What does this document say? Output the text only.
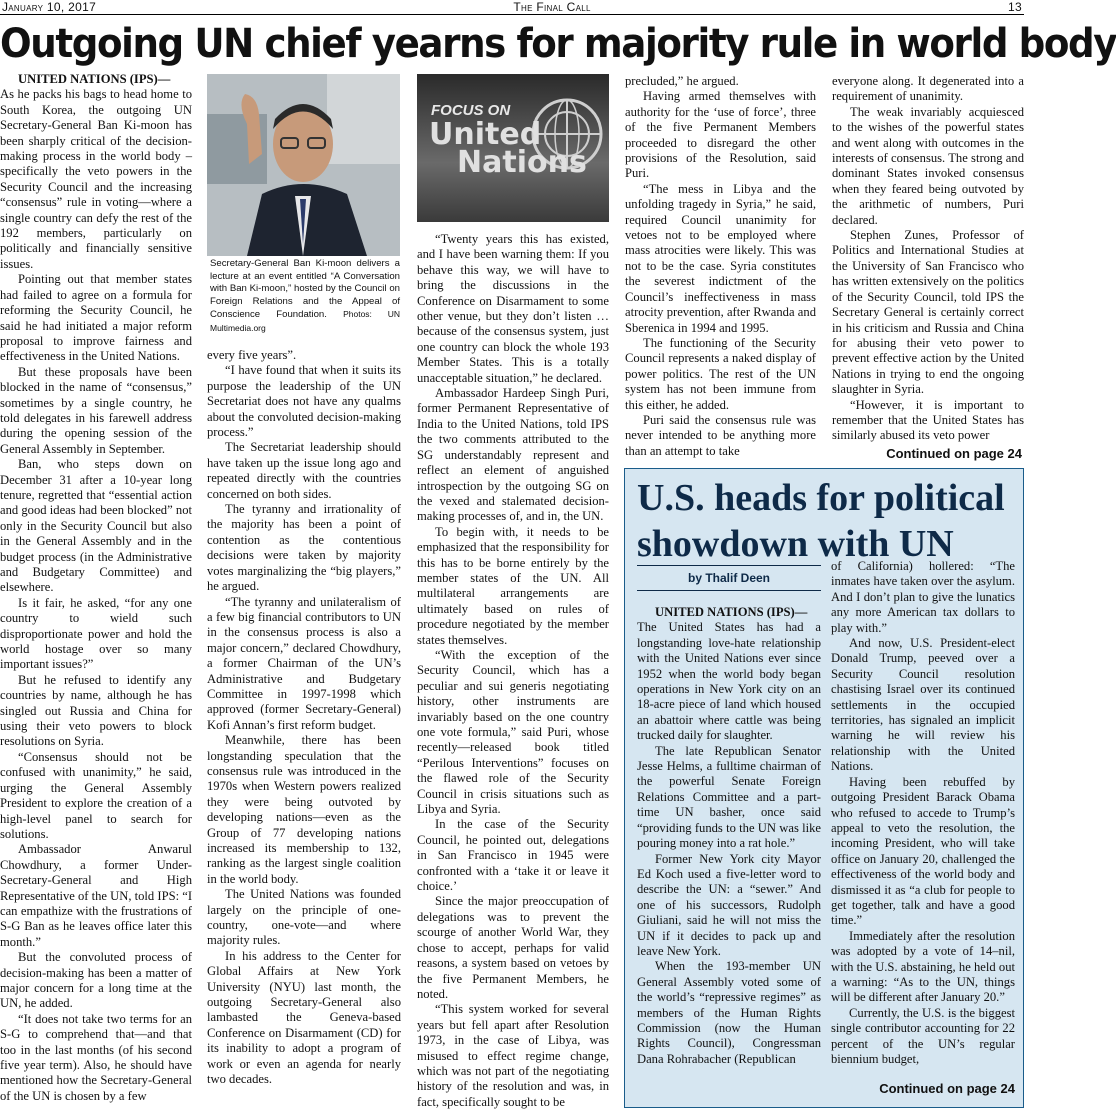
January 10, 2017	The Final Call	13
Outgoing UN chief yearns for majority rule in world body

UNITED NATIONS (IPS)—

As he packs his bags to head home to South Korea, the outgoing UN Secretary-General Ban Ki-moon has been sharply critical of the decision-making process in the world body – specifically the veto powers in the Security Council and the increasing “consensus” rule in voting—where a single country can defy the rest of the 192 members, particularly on politically and financially sensitive issues.

Pointing out that member states had failed to agree on a formula for reforming the Security Council, he said he had initiated a major reform proposal to improve fairness and effectiveness in the United Nations.

But these proposals have been blocked in the name of “consensus,” sometimes by a single country, he told delegates in his farewell address during the opening session of the General Assembly in September.

Ban, who steps down on December 31 after a 10-year long tenure, regretted that “essential action and good ideas had been blocked” not only in the Security Council but also in the General Assembly and in the budget process (in the Administrative and Budgetary Committee) and elsewhere.

Is it fair, he asked, “for any one country to wield such disproportionate power and hold the world hostage over so many important issues?”

But he refused to identify any countries by name, although he has singled out Russia and China for using their veto powers to block resolutions on Syria.

“Consensus should not be confused with unanimity,” he said, urging the General Assembly President to explore the creation of a high-level panel to search for solutions.

Ambassador Anwarul Chowdhury, a former Under-Secretary-General and High Representative of the UN, told IPS: “I can empathize with the frustrations of S-G Ban as he leaves office later this month.”

But the convoluted process of decision-making has been a matter of major concern for a long time at the UN, he added.

“It does not take two terms for an S-G to comprehend that—and that too in the last months (of his second five year term). Also, he should have mentioned how the Secretary-General of the UN is chosen by a few

Secretary-General Ban Ki-moon delivers a lecture at an event entitled “A Conversation with Ban Ki-moon,” hosted by the Council on Foreign Relations and the Appeal of Conscience Foundation. Photos: UN Multimedia.org

every five years”.

“I have found that when it suits its purpose the leadership of the UN Secretariat does not have any qualms about the convoluted decision-making process.”

The Secretariat leadership should have taken up the issue long ago and repeated directly with the countries concerned on both sides.

The tyranny and irrationality of the majority has been a point of contention as the contentious decisions were taken by majority votes marginalizing the “big players,” he argued.

“The tyranny and unilateralism of a few big financial contributors to UN in the consensus process is also a major concern,” declared Chowdhury, a former Chairman of the UN’s Administrative and Budgetary Committee in 1997-1998 which approved (former Secretary-General) Kofi Annan’s first reform budget.

Meanwhile, there has been longstanding speculation that the consensus rule was introduced in the 1970s when Western powers realized they were being outvoted by developing nations—even as the Group of 77 developing nations increased its membership to 132, ranking as the largest single coalition in the world body.

The United Nations was founded largely on the principle of one-country, one-vote—and where majority rules.

In his address to the Center for Global Affairs at New York University (NYU) last month, the outgoing Secretary-General also lambasted the Geneva-based Conference on Disarmament (CD) for its inability to adopt a program of work or even an agenda for nearly two decades.

FOCUS ON
United
Nations

“Twenty years this has existed, and I have been warning them: If you behave this way, we will have to bring the discussions in the Conference on Disarmament to some other venue, but they don’t listen … because of the consensus system, just one country can block the whole 193 Member States. This is a totally unacceptable situation,” he declared.

Ambassador Hardeep Singh Puri, former Permanent Representative of India to the United Nations, told IPS the two comments attributed to the SG understandably represent and reflect an element of anguished introspection by the outgoing SG on the vexed and stalemated decision-making processes of, and in, the UN.

To begin with, it needs to be emphasized that the responsibility for this has to be borne entirely by the member states of the UN. All multilateral arrangements are ultimately based on rules of procedure negotiated by the member states themselves.

“With the exception of the Security Council, which has a peculiar and sui generis negotiating history, other instruments are invariably based on the one country one vote formula,” said Puri, whose recently—released book titled “Perilous Interventions” focuses on the flawed role of the Security Council in crisis situations such as Libya and Syria.

In the case of the Security Council, he pointed out, delegations in San Francisco in 1945 were confronted with a ‘take it or leave it choice.’

Since the major preoccupation of delegations was to prevent the scourge of another World War, they chose to accept, perhaps for valid reasons, a system based on vetoes by the five Permanent Members, he noted.

“This system worked for several years but fell apart after Resolution 1973, in the case of Libya, was misused to effect regime change, which was not part of the negotiating history of the resolution and was, in fact, specifically sought to be

precluded,” he argued.

Having armed themselves with authority for the ‘use of force’, three of the five Permanent Members proceeded to disregard the other provisions of the Resolution, said Puri.

“The mess in Libya and the unfolding tragedy in Syria,” he said, required Council unanimity for vetoes not to be employed where mass atrocities were likely. This was not to be the case. Syria constitutes the severest indictment of the Council’s ineffectiveness in mass atrocity prevention, after Rwanda and Sberenica in 1994 and 1995.

The functioning of the Security Council represents a naked display of power politics. The rest of the UN system has not been immune from this either, he added.

Puri said the consensus rule was never intended to be anything more than an attempt to take

everyone along. It degenerated into a requirement of unanimity.

The weak invariably acquiesced to the wishes of the powerful states and went along with outcomes in the interests of consensus. The strong and dominant States invoked consensus when they feared being outvoted by the arithmetic of numbers, Puri declared.

Stephen Zunes, Professor of Politics and International Studies at the University of San Francisco who has written extensively on the politics of the Security Council, told IPS the Secretary General is certainly correct in his criticism and Russia and China for abusing their veto power to prevent effective action by the United Nations in trying to end the ongoing slaughter in Syria.

“However, it is important to remember that the United States has similarly abused its veto power

Continued on page 24
U.S. heads for political showdown with UN
by Thalif Deen

UNITED NATIONS (IPS)—

The United States has had a longstanding love-hate relationship with the United Nations ever since 1952 when the world body began operations in New York city on an 18-acre piece of land which housed an abattoir where cattle was being trucked daily for slaughter.

The late Republican Senator Jesse Helms, a fulltime chairman of the powerful Senate Foreign Relations Committee and a part-time UN basher, once said “providing funds to the UN was like pouring money into a rat hole.”

Former New York city Mayor Ed Koch used a five-letter word to describe the UN: a “sewer.” And one of his successors, Rudolph Giuliani, said he will not miss the UN if it decides to pack up and leave New York.

When the 193-member UN General Assembly voted some of the world’s “repressive regimes” as members of the Human Rights Commission (now the Human Rights Council), Congressman Dana Rohrabacher (Republican

of California) hollered: “The inmates have taken over the asylum. And I don’t plan to give the lunatics any more American tax dollars to play with.”

And now, U.S. President-elect Donald Trump, peeved over a Security Council resolution chastising Israel over its continued settlements in the occupied territories, has signaled an implicit warning he will review his relationship with the United Nations.

Having been rebuffed by outgoing President Barack Obama who refused to accede to Trump’s appeal to veto the resolution, the incoming President, who will take office on January 20, challenged the effectiveness of the world body and dismissed it as “a club for people to get together, talk and have a good time.”

Immediately after the resolution was adopted by a vote of 14–nil, with the U.S. abstaining, he held out a warning: “As to the UN, things will be different after January 20.”

Currently, the U.S. is the biggest single contributor accounting for 22 percent of the UN’s regular biennium budget,

Continued on page 24
